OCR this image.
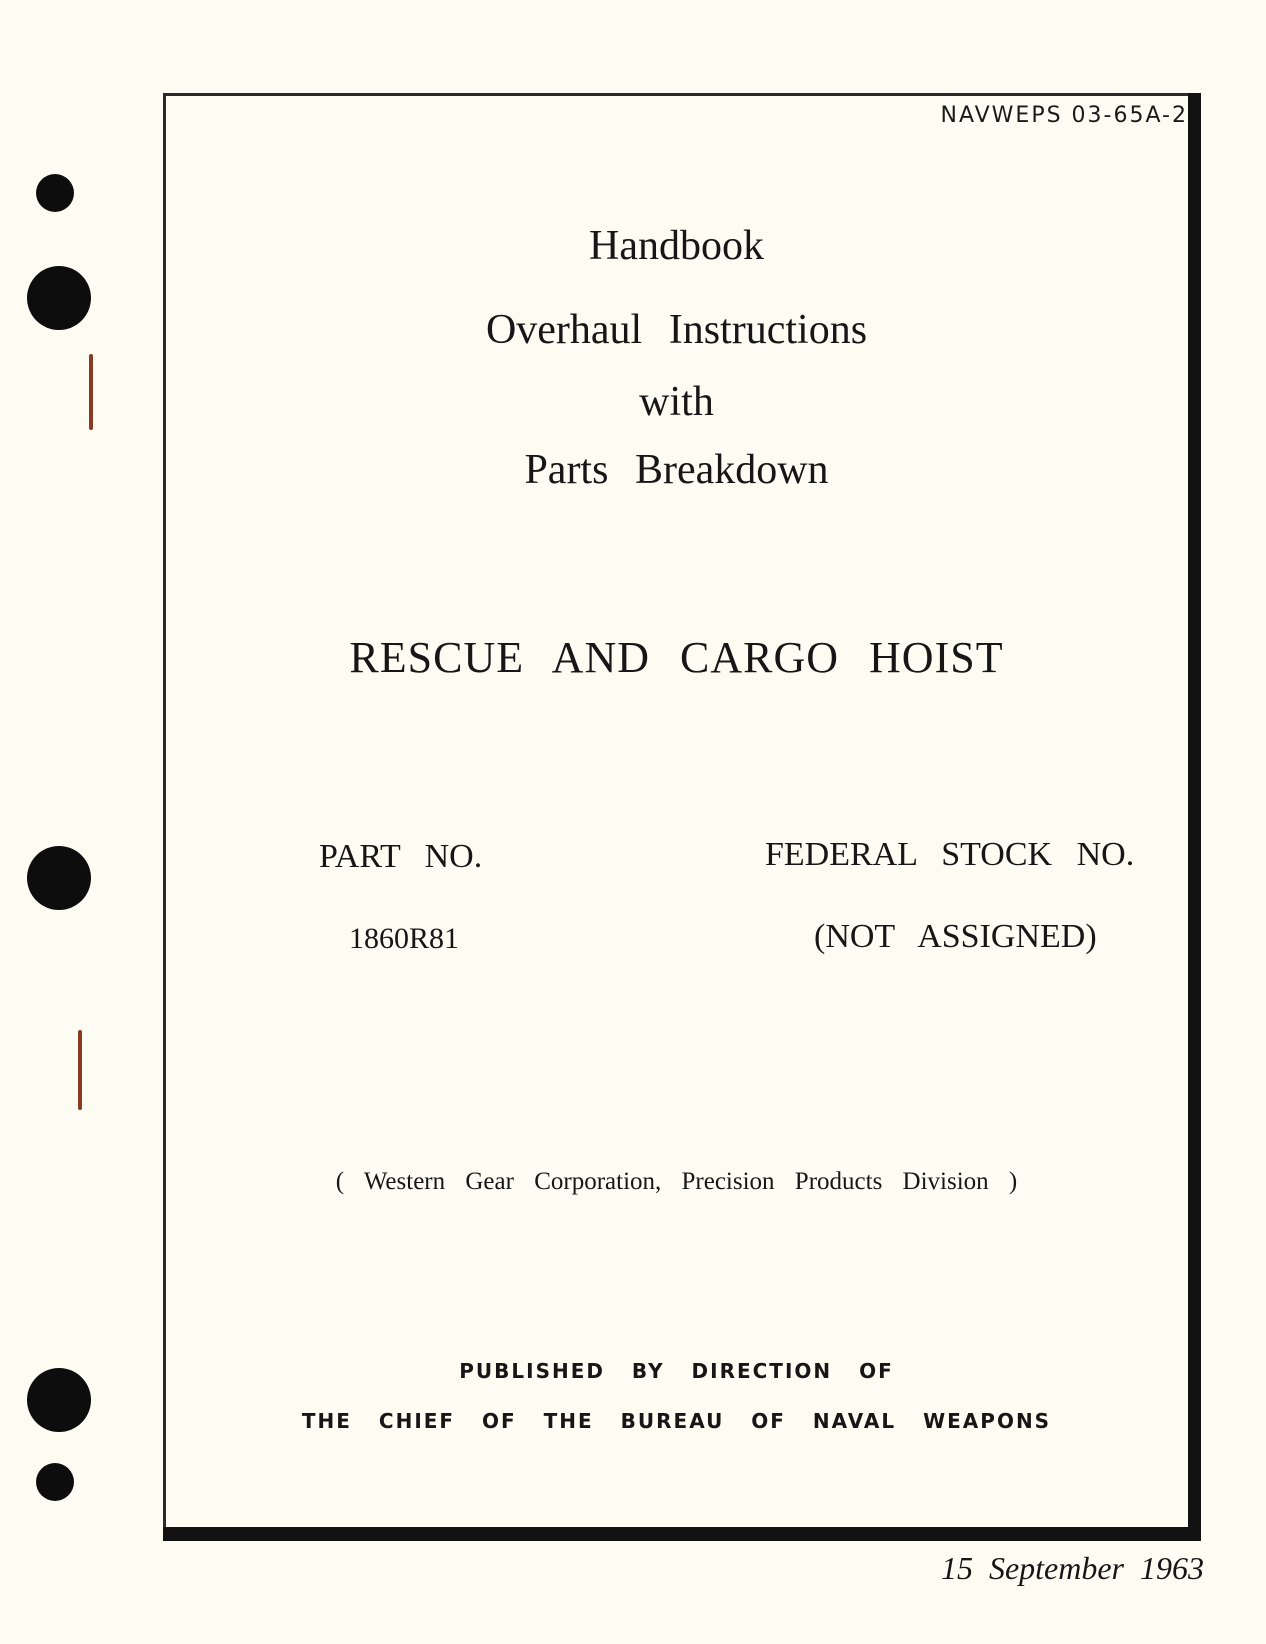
NAVWEPS 03-65A-2
Handbook
Overhaul Instructions
with
Parts Breakdown
RESCUE AND CARGO HOIST
PART NO.
1860R81
FEDERAL STOCK NO.
(NOT ASSIGNED)
( Western Gear Corporation, Precision Products Division )
PUBLISHED BY DIRECTION OF
THE CHIEF OF THE BUREAU OF NAVAL WEAPONS
15 September 1963
